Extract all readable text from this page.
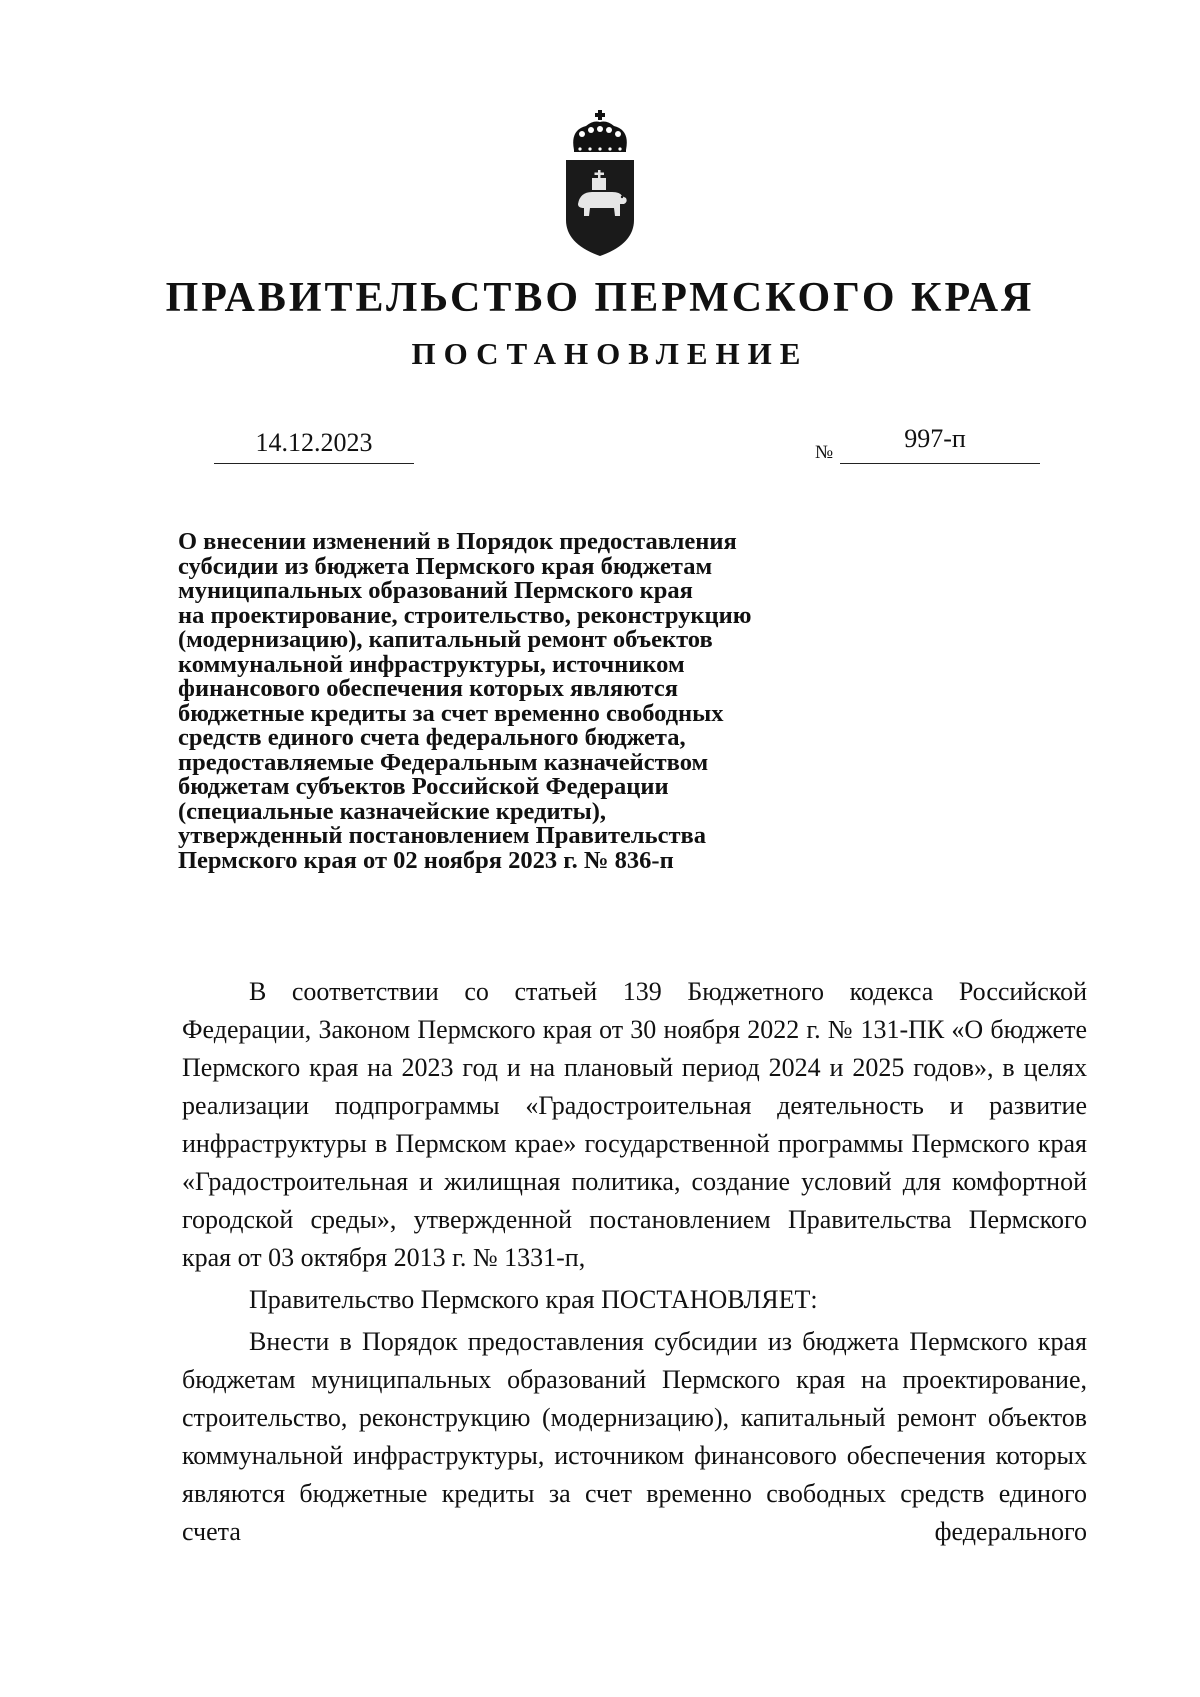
ПРАВИТЕЛЬСТВО ПЕРМСКОГО КРАЯ
ПОСТАНОВЛЕНИЕ
14.12.2023	№	997-п
О внесении изменений в Порядок предоставления
субсидии из бюджета Пермского края бюджетам
муниципальных образований Пермского края
на проектирование, строительство, реконструкцию
(модернизацию), капитальный ремонт объектов
коммунальной инфраструктуры, источником
финансового обеспечения которых являются
бюджетные кредиты за счет временно свободных
средств единого счета федерального бюджета,
предоставляемые Федеральным казначейством
бюджетам субъектов Российской Федерации
(специальные казначейские кредиты),
утвержденный постановлением Правительства
Пермского края от 02 ноября 2023 г. № 836-п

В соответствии со статьей 139 Бюджетного кодекса Российской Федерации, Законом Пермского края от 30 ноября 2022 г. № 131-ПК «О бюджете Пермского края на 2023 год и на плановый период 2024 и 2025 годов», в целях реализации подпрограммы «Градостроительная деятельность и развитие инфраструктуры в Пермском крае» государственной программы Пермского края «Градостроительная и жилищная политика, создание условий для комфортной городской среды», утвержденной постановлением Правительства Пермского края от 03 октября 2013 г. № 1331-п,

Правительство Пермского края ПОСТАНОВЛЯЕТ:

Внести в Порядок предоставления субсидии из бюджета Пермского края бюджетам муниципальных образований Пермского края на проектирование, строительство, реконструкцию (модернизацию), капитальный ремонт объектов коммунальной инфраструктуры, источником финансового обеспечения которых являются бюджетные кредиты за счет временно свободных средств единого счета федерального
